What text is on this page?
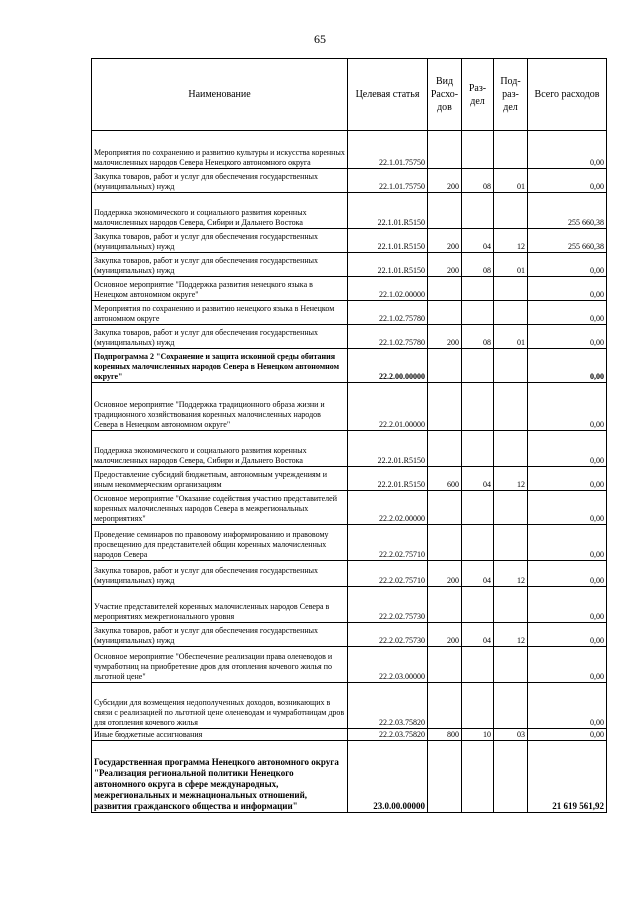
65
Наименование	Целевая статья	Вид Расхо- дов	Раз- дел	Под- раз- дел	Всего расходов
Мероприятия по сохранению и развитию культуры и искусства коренных малочисленных народов Севера Ненецкого автономного округа	22.1.01.75750				0,00
Закупка товаров, работ и услуг для обеспечения государственных (муниципальных) нужд	22.1.01.75750	200	08	01	0,00
Поддержка экономического и социального развития коренных малочисленных народов Севера, Сибири и Дальнего Востока	22.1.01.R5150				255 660,38
Закупка товаров, работ и услуг для обеспечения государственных (муниципальных) нужд	22.1.01.R5150	200	04	12	255 660,38
Закупка товаров, работ и услуг для обеспечения государственных (муниципальных) нужд	22.1.01.R5150	200	08	01	0,00
Основное мероприятие "Поддержка развития ненецкого языка в Ненецком автономном округе"	22.1.02.00000				0,00
Мероприятия по сохранению и развитию ненецкого языка в Ненецком автономном округе	22.1.02.75780				0,00
Закупка товаров, работ и услуг для обеспечения государственных (муниципальных) нужд	22.1.02.75780	200	08	01	0,00
Подпрограмма 2 "Сохранение и защита исконной среды обитания коренных малочисленных народов Севера в Ненецком автономном округе"	22.2.00.00000				0,00
Основное мероприятие "Поддержка традиционного образа жизни и традиционного хозяйствования коренных малочисленных народов Севера в Ненецком автономном округе"	22.2.01.00000				0,00
Поддержка экономического и социального развития коренных малочисленных народов Севера, Сибири и Дальнего Востока	22.2.01.R5150				0,00
Предоставление субсидий бюджетным, автономным учреждениям и иным некоммерческим организациям	22.2.01.R5150	600	04	12	0,00
Основное мероприятие "Оказание содействия участию представителей коренных малочисленных народов Севера в межрегиональных мероприятиях"	22.2.02.00000				0,00
Проведение семинаров по правовому информированию и правовому просвещению для представителей общин коренных малочисленных народов Севера	22.2.02.75710				0,00
Закупка товаров, работ и услуг для обеспечения государственных (муниципальных) нужд	22.2.02.75710	200	04	12	0,00
Участие представителей коренных малочисленных народов Севера в мероприятиях межрегионального уровня	22.2.02.75730				0,00
Закупка товаров, работ и услуг для обеспечения государственных (муниципальных) нужд	22.2.02.75730	200	04	12	0,00
Основное мероприятие "Обеспечение реализации права оленеводов и чумработниц на приобретение дров для отопления кочевого жилья по льготной цене"	22.2.03.00000				0,00
Субсидии для возмещения недополученных доходов, возникающих в связи с реализацией по льготной цене оленеводам и чумработницам дров для отопления кочевого жилья	22.2.03.75820				0,00
Иные бюджетные ассигнования	22.2.03.75820	800	10	03	0,00
Государственная программа Ненецкого автономного округа "Реализация региональной политики Ненецкого автономного округа в сфере международных, межрегиональных и межнациональных отношений, развития гражданского общества и информации"	23.0.00.00000				21 619 561,92
